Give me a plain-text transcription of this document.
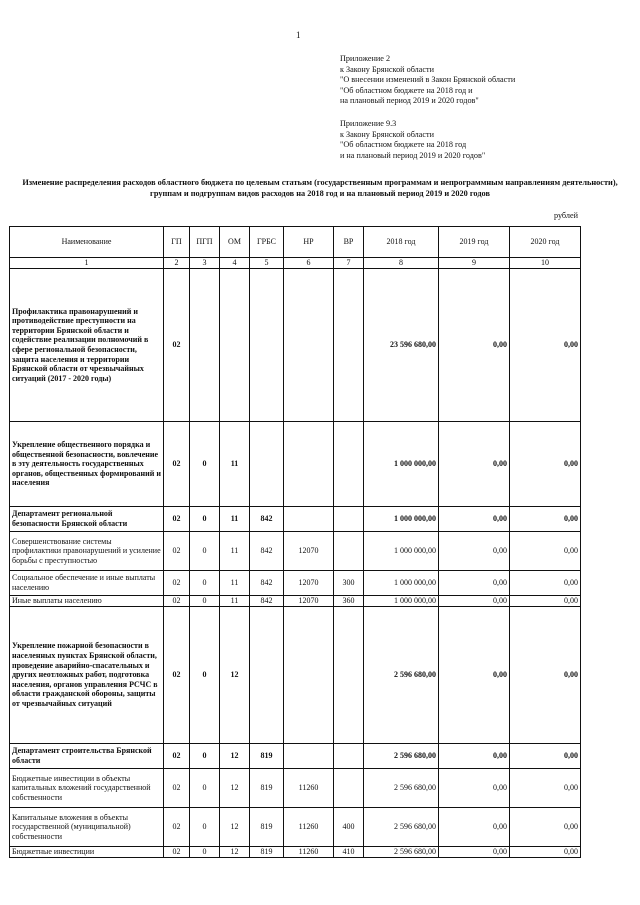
1
Приложение 2
к Закону Брянской области
"О внесении изменений в Закон Брянской области
"Об областном бюджете на 2018 год и
на плановый период 2019 и 2020 годов"
Приложение 9.3
к Закону Брянской области
"Об областном бюджете на 2018 год
и на плановый период 2019 и 2020 годов"
Изменение распределения расходов областного бюджета по целевым статьям (государственным программам и непрограммным направлениям деятельности), группам и подгруппам видов расходов на 2018 год и на плановый период 2019 и 2020 годов
рублей
Наименование	ГП	ПГП	ОМ	ГРБС	НР	ВР	2018 год	2019 год	2020 год
1	2	3	4	5	6	7	8	9	10
Профилактика правонарушений и противодействие преступности на территории Брянской области и содействие реализации полномочий в сфере региональной безопасности, защита населения и территории Брянской области от чрезвычайных ситуаций (2017 - 2020 годы)	02						23 596 680,00	0,00	0,00
Укрепление общественного порядка и общественной безопасности, вовлечение в эту деятельность государственных органов, общественных формирований и населения	02	0	11				1 000 000,00	0,00	0,00
Департамент региональной безопасности Брянской области	02	0	11	842			1 000 000,00	0,00	0,00
Совершенствование системы профилактики правонарушений и усиление борьбы с преступностью	02	0	11	842	12070		1 000 000,00	0,00	0,00
Социальное обеспечение и иные выплаты населению	02	0	11	842	12070	300	1 000 000,00	0,00	0,00
Иные выплаты населению	02	0	11	842	12070	360	1 000 000,00	0,00	0,00
Укрепление пожарной безопасности в населенных пунктах Брянской области, проведение аварийно-спасательных и других неотложных работ, подготовка населения, органов управления РСЧС в области гражданской обороны, защиты от чрезвычайных ситуаций	02	0	12				2 596 680,00	0,00	0,00
Департамент строительства Брянской области	02	0	12	819			2 596 680,00	0,00	0,00
Бюджетные инвестиции в объекты капитальных вложений государственной собственности	02	0	12	819	11260		2 596 680,00	0,00	0,00
Капитальные вложения в объекты государственной (муниципальной) собственности	02	0	12	819	11260	400	2 596 680,00	0,00	0,00
Бюджетные инвестиции	02	0	12	819	11260	410	2 596 680,00	0,00	0,00
